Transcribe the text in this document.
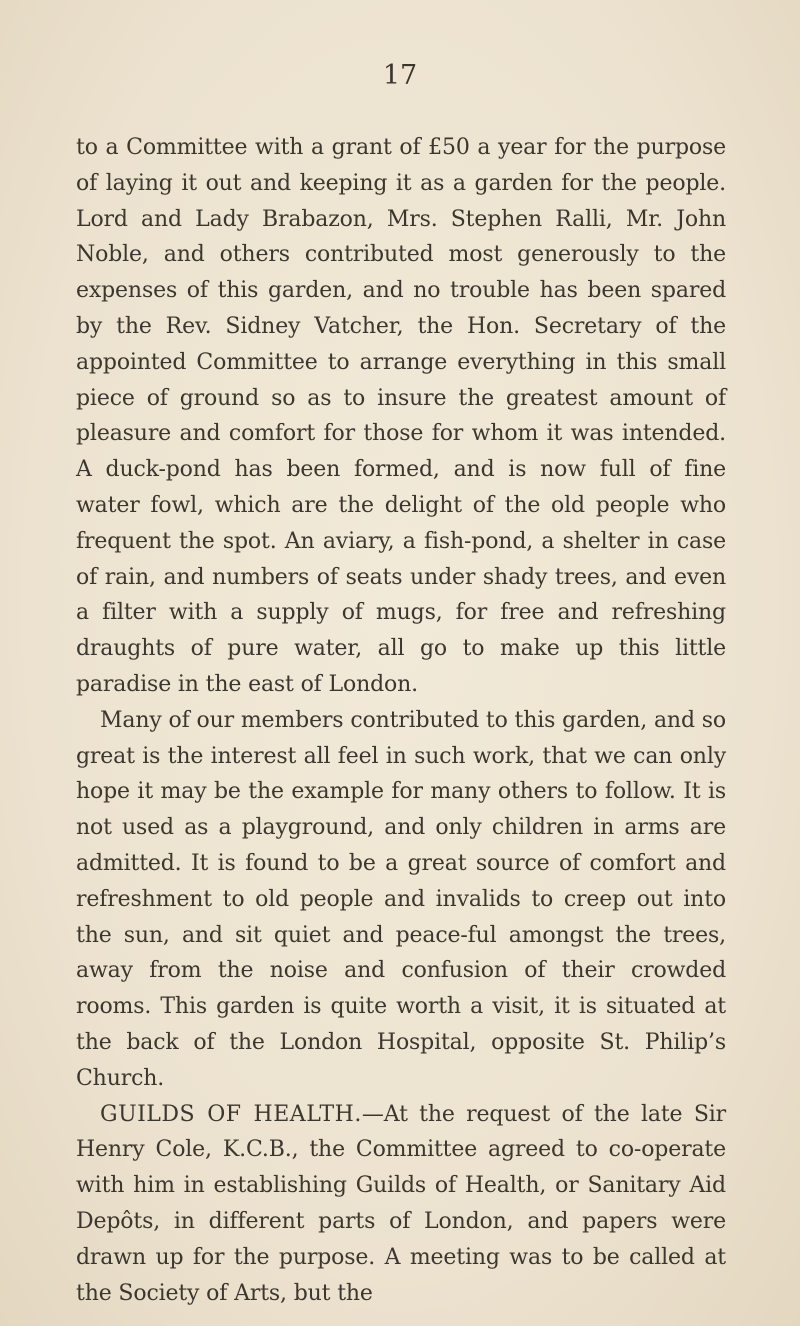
17

to a Committee with a grant of £50 a year for the purpose of laying it out and keeping it as a garden for the people. Lord and Lady Brabazon, Mrs. Stephen Ralli, Mr. John Noble, and others contributed most generously to the expenses of this garden, and no trouble has been spared by the Rev. Sidney Vatcher, the Hon. Secretary of the appointed Committee to arrange everything in this small piece of ground so as to insure the greatest amount of pleasure and comfort for those for whom it was intended. A duck-pond has been formed, and is now full of fine water fowl, which are the delight of the old people who frequent the spot. An aviary, a fish-pond, a shelter in case of rain, and numbers of seats under shady trees, and even a filter with a supply of mugs, for free and refreshing draughts of pure water, all go to make up this little paradise in the east of London.

Many of our members contributed to this garden, and so great is the interest all feel in such work, that we can only hope it may be the example for many others to follow. It is not used as a playground, and only children in arms are admitted. It is found to be a great source of comfort and refreshment to old people and invalids to creep out into the sun, and sit quiet and peace-ful amongst the trees, away from the noise and confusion of their crowded rooms. This garden is quite worth a visit, it is situated at the back of the London Hospital, opposite St. Philip’s Church.

GUILDS OF HEALTH.—At the request of the late Sir Henry Cole, K.C.B., the Committee agreed to co-operate with him in establishing Guilds of Health, or Sanitary Aid Depôts, in different parts of London, and papers were drawn up for the purpose. A meeting was to be called at the Society of Arts, but the
